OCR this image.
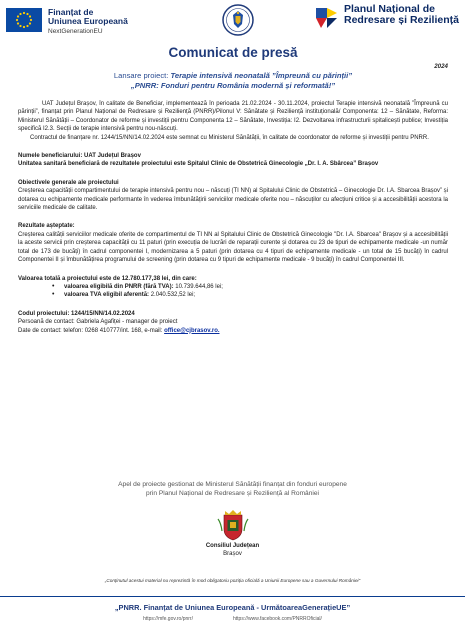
Finanțat de
Uniunea Europeană
NextGenerationEU
Planul Național de
Redresare și Reziliență
Comunicat de presă
2024
Lansare proiect: Terapie intensivă neonatală ”Împreună cu părinții”
„PNRR: Fonduri pentru România modernă și reformată!”

UAT Județul Brașov, în calitate de Beneficiar, implementează în perioada 21.02.2024 - 30.11.2024, proiectul Terapie intensivă neonatală ”Împreună cu părinții”, finanțat prin Planul Național de Redresare și Reziliență (PNRR)/Pilonul V: Sănătate și Reziliență instituțională/ Componenta: 12 – Sănătate, Reforma: Ministerul Sănătății – Coordonator de reforme și investiții pentru Componenta 12 – Sănătate, Investiția: I2. Dezvoltarea infrastructurii spitalicești publice; Investiția specifică I2.3. Secții de terapie intensivă pentru nou-născuți.

Contractul de finanțare nr. 1244/15/NN/14.02.2024 este semnat cu Ministerul Sănătății, în calitate de coordonator de reforme și investiții pentru PNRR.

Numele beneficiarului: UAT Județul Brașov

Unitatea sanitară beneficiară de rezultatele proiectului este Spitalul Clinic de Obstetrică Ginecologie „Dr. I. A. Sbârcea” Brașov

Obiectivele generale ale proiectului

Creșterea capacității compartimentului de terapie intensivă pentru nou – născuți (TI NN) al Spitalului Clinic de Obstetrică – Ginecologie Dr. I.A. Sbarcea Brașov” și dotarea cu echipamente medicale performante în vederea îmbunătățirii serviciilor medicale oferite nou – născuților cu afecțiuni critice și a accesibilității acestora la serviciile medicale de calitate.

Rezultate așteptate:

Creșterea calității serviciilor medicale oferite de compartimentul de TI NN al Spitalului Clinic de Obstetrică Ginecologie "Dr. I.A. Sbarcea" Brașov și a accesibilității la aceste servicii prin creșterea capacității cu 11 paturi (prin execuția de lucrări de reparații curente și dotarea cu 23 de tipuri de echipamente medicale -un număr total de 173 de bucăți) în cadrul componentei I, modernizarea a 5 paturi (prin dotarea cu 4 tipuri de echipamente medicale - un total de 15 bucăți) în cadrul Componentei II și îmbunătățirea programului de screening (prin dotarea cu 9 tipuri de echipamente medicale - 9 bucăți) în cadrul Componentei III.

Valoarea totală a proiectului este de 12.780.177,38 lei, din care:

• valoarea eligibilă din PNRR (fără TVA): 10.739.644,86 lei;
• valoarea TVA eligibil aferentă: 2.040.532,52 lei;

Codul proiectului: 1244/15/NN/14.02.2024

Persoană de contact: Gabriela Agafiței - manager de proiect

Date de contact: telefon: 0268 410777/int. 168, e-mail: office@cjbrasov.ro.

Apel de proiecte gestionat de Ministerul Sănătății finanțat din fonduri europene
prin Planul Național de Redresare și Reziliență al României
Consiliul Județean
Brașov
„Conținutul acestui material nu reprezintă în mod obligatoriu poziția oficială a Uniunii Europene sau a Guvernului României”
„PNRR. Finanțat de Uniunea Europeană - UrmătoareaGenerațieUE”
https://mfe.gov.ro/pnrr/	https://www.facebook.com/PNRROficial/
